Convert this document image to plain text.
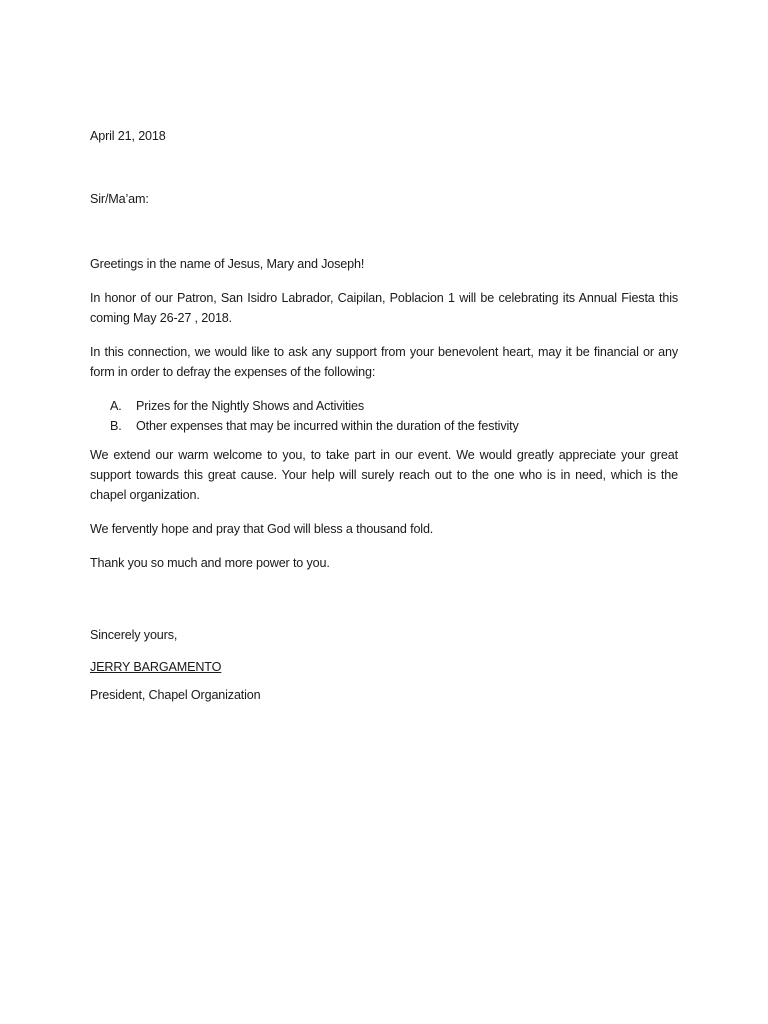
April 21, 2018

Sir/Ma’am:

Greetings in the name of Jesus, Mary and Joseph!

In honor of our Patron, San Isidro Labrador, Caipilan, Poblacion 1 will be celebrating its Annual Fiesta this coming May 26-27 , 2018.

In this connection, we would like to ask any support from your benevolent heart, may it be financial or any form in order to defray the expenses of the following:

A.	Prizes for the Nightly Shows and Activities
B.	Other expenses that may be incurred within the duration of the festivity

We extend our warm welcome to you, to take part in our event. We would greatly appreciate your great support towards this great cause. Your help will surely reach out to the one who is in need, which is the chapel organization.

We fervently hope and pray that God will bless a thousand fold.

Thank you so much and more power to you.

Sincerely yours,

JERRY BARGAMENTO

President, Chapel Organization
